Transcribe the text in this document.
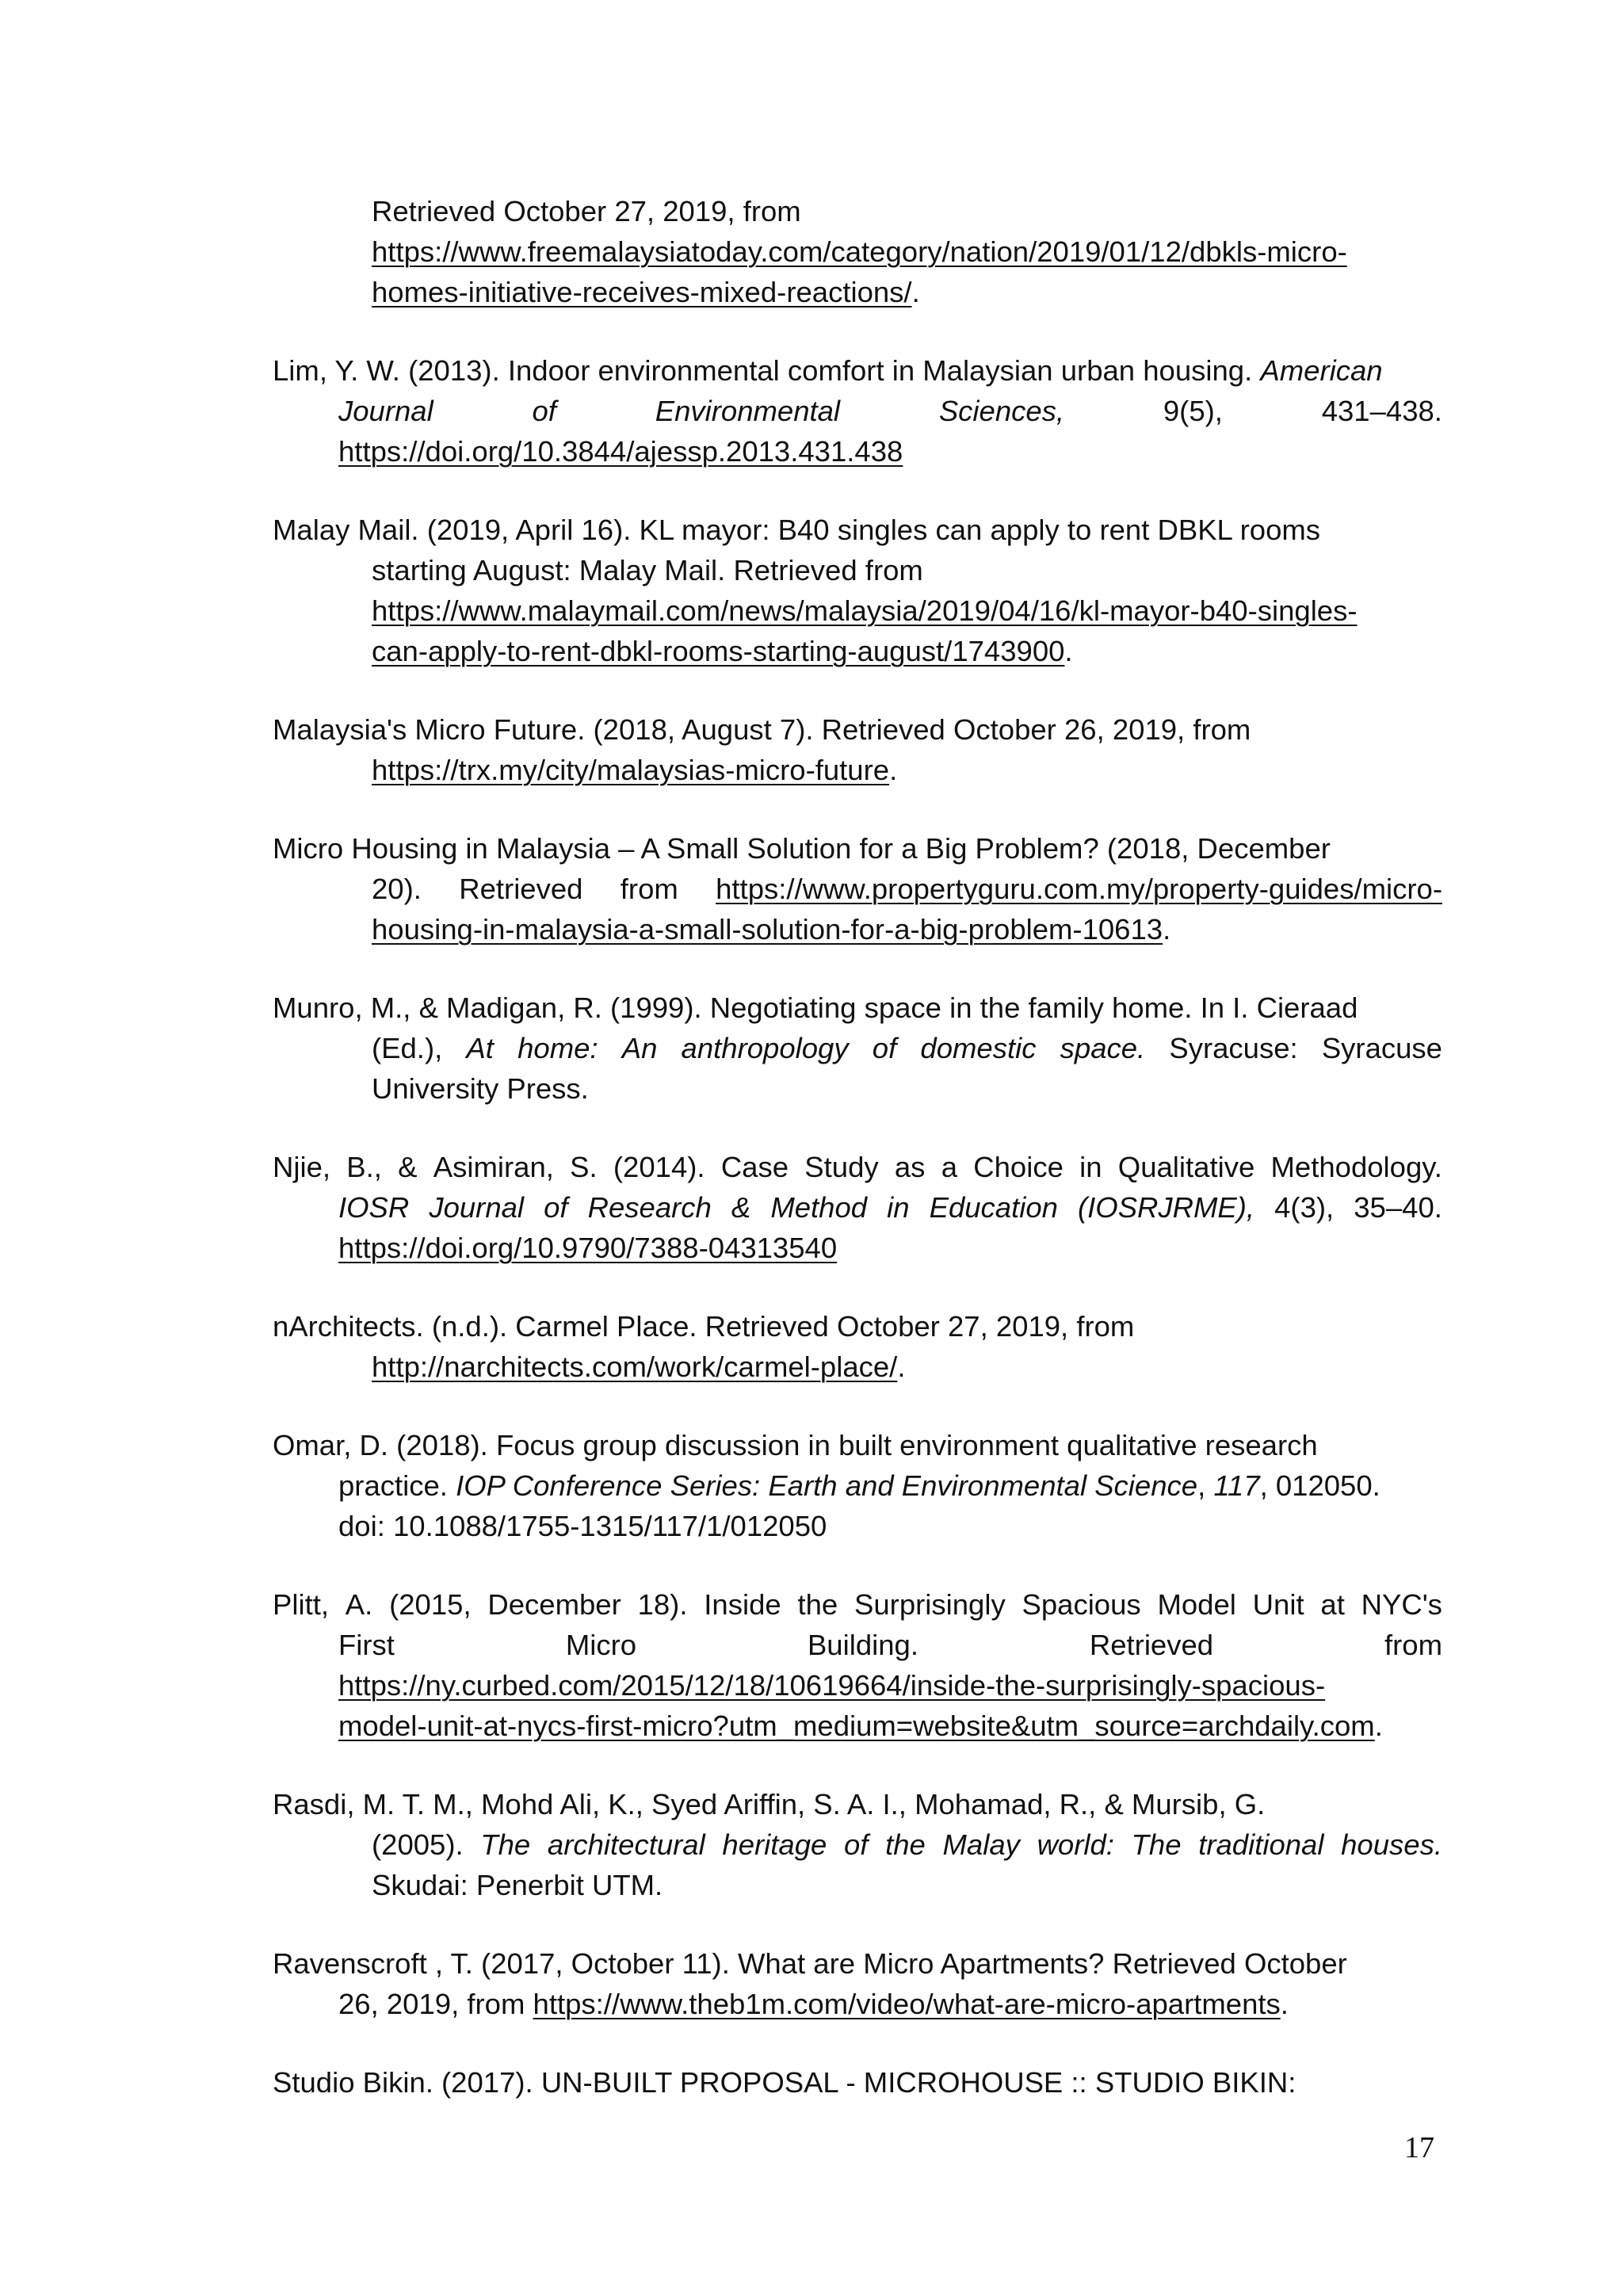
Retrieved October 27, 2019, from
https://www.freemalaysiatoday.com/category/nation/2019/01/12/dbkls-micro-
homes-initiative-receives-mixed-reactions/.
Lim, Y. W. (2013). Indoor environmental comfort in Malaysian urban housing. American
Journal	of	Environmental	Sciences,	9(5),	431–438.
https://doi.org/10.3844/ajessp.2013.431.438
Malay Mail. (2019, April 16). KL mayor: B40 singles can apply to rent DBKL rooms
starting August: Malay Mail. Retrieved from
https://www.malaymail.com/news/malaysia/2019/04/16/kl-mayor-b40-singles-
can-apply-to-rent-dbkl-rooms-starting-august/1743900.
Malaysia's Micro Future. (2018, August 7). Retrieved October 26, 2019, from
https://trx.my/city/malaysias-micro-future.
Micro Housing in Malaysia – A Small Solution for a Big Problem? (2018, December
20). Retrieved from https://www.propertyguru.com.my/property-guides/micro-
housing-in-malaysia-a-small-solution-for-a-big-problem-10613.
Munro, M., & Madigan, R. (1999). Negotiating space in the family home. In I. Cieraad
(Ed.), At home: An anthropology of domestic space. Syracuse: Syracuse
University Press.
Njie, B., & Asimiran, S. (2014). Case Study as a Choice in Qualitative Methodology.
IOSR Journal of Research & Method in Education (IOSRJRME), 4(3), 35–40.
https://doi.org/10.9790/7388-04313540
nArchitects. (n.d.). Carmel Place. Retrieved October 27, 2019, from
http://narchitects.com/work/carmel-place/.
Omar, D. (2018). Focus group discussion in built environment qualitative research
practice. IOP Conference Series: Earth and Environmental Science, 117, 012050.
doi: 10.1088/1755-1315/117/1/012050
Plitt, A. (2015, December 18). Inside the Surprisingly Spacious Model Unit at NYC's
First	Micro	Building.	Retrieved	from
https://ny.curbed.com/2015/12/18/10619664/inside-the-surprisingly-spacious-
model-unit-at-nycs-first-micro?utm_medium=website&utm_source=archdaily.com.
Rasdi, M. T. M., Mohd Ali, K., Syed Ariffin, S. A. I., Mohamad, R., & Mursib, G.
(2005). The architectural heritage of the Malay world: The traditional houses.
Skudai: Penerbit UTM.
Ravenscroft , T. (2017, October 11). What are Micro Apartments? Retrieved October
26, 2019, from https://www.theb1m.com/video/what-are-micro-apartments.
Studio Bikin. (2017). UN-BUILT PROPOSAL - MICROHOUSE :: STUDIO BIKIN:
17
